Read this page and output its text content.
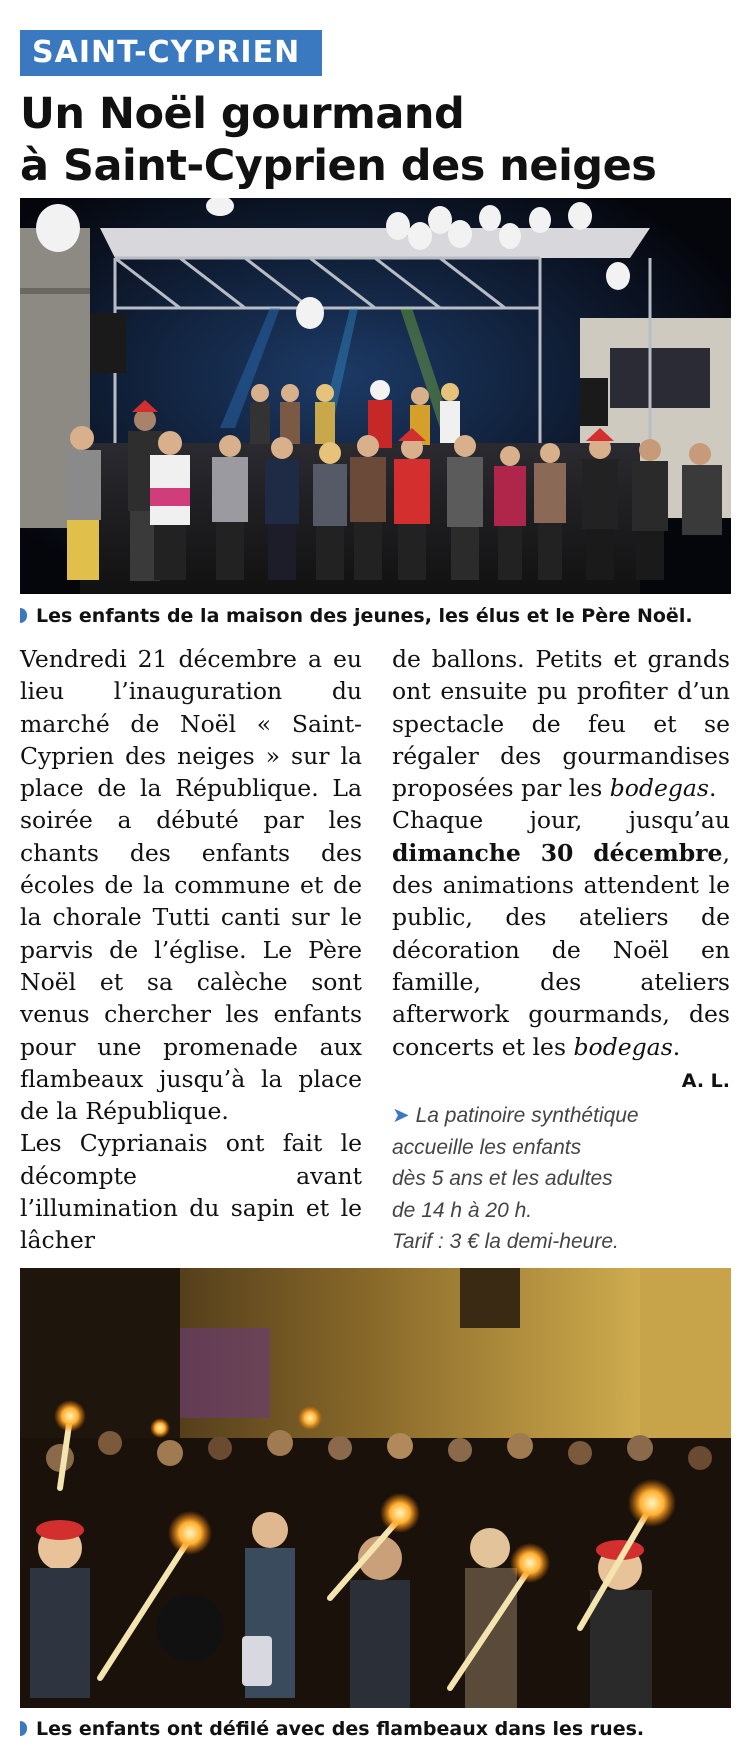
SAINT-CYPRIEN
Un Noël gourmand
à Saint-Cyprien des neiges
Les enfants de la maison des jeunes, les élus et le Père Noël.

Vendredi 21 décembre a eu lieu l’inauguration du marché de Noël « Saint-Cyprien des neiges » sur la place de la République. La soirée a débuté par les chants des enfants des écoles de la commune et de la chorale Tutti canti sur le parvis de l’église. Le Père Noël et sa calèche sont venus chercher les enfants pour une promenade aux flambeaux jusqu’à la place de la République.

Les Cyprianais ont fait le décompte avant l’illumination du sapin et le lâcher

de ballons. Petits et grands ont ensuite pu profiter d’un spectacle de feu et se régaler des gourmandises proposées par les bodegas.

Chaque jour, jusqu’au dimanche 30 décembre, des animations attendent le public, des ateliers de décoration de Noël en famille, des ateliers afterwork gourmands, des concerts et les bodegas.

A. L.
➤ La patinoire synthétique
accueille les enfants
dès 5 ans et les adultes
de 14 h à 20 h.
Tarif : 3 € la demi-heure.
Les enfants ont défilé avec des flambeaux dans les rues.
